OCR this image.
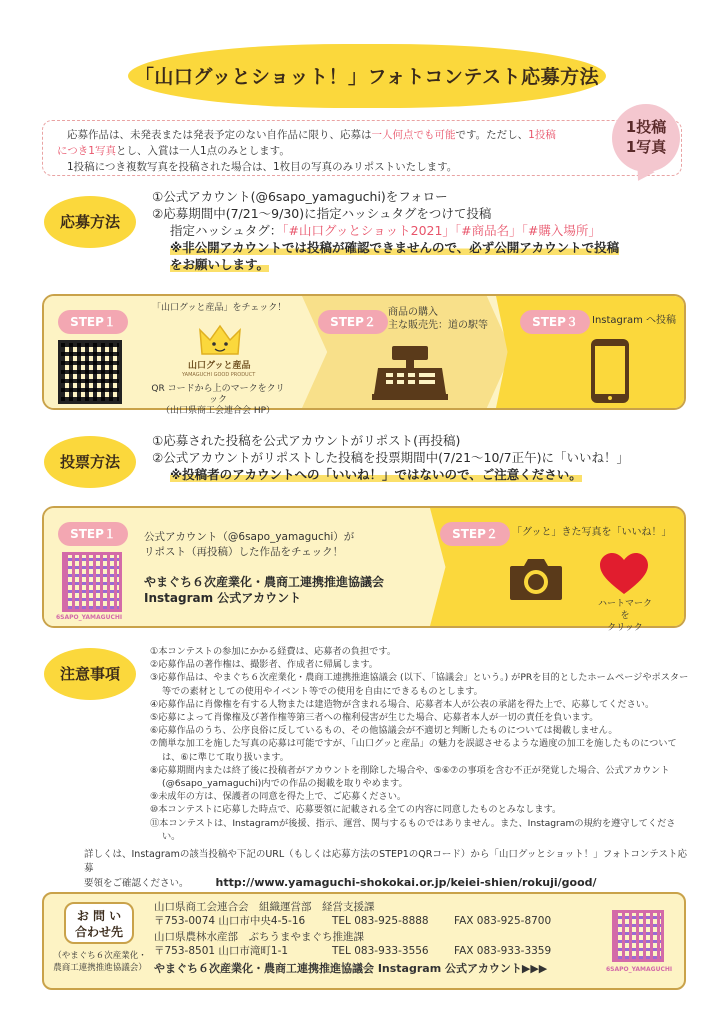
「山口グッとショット！」フォトコンテスト応募方法
応募作品は、未発表または発表予定のない自作品に限り、応募は一人何点でも可能です。ただし、1投稿
につき1写真とし、入賞は一人1点のみとします。
1投稿につき複数写真を投稿された場合は、1枚目の写真のみリポストいたします。
1投稿
1写真
応募方法
①公式アカウント(@6sapo_yamaguchi)をフォロー
②応募期間中(7/21～9/30)に指定ハッシュタグをつけて投稿
指定ハッシュタグ：「#山口グッとショット2021」「#商品名」「#購入場所」
※非公開アカウントでは投稿が確認できませんので、必ず公開アカウントで投稿
をお願いします。
STEP１
「山口グッと産品」をチェック！
山口グッと産品
YAMAGUCHI GOOD PRODUCT
QR コードから上のマークをクリック
（山口県商工会連合会 HP）
STEP２
商品の購入
主な販売先：道の駅等	STEP３	Instagram へ投稿
投票方法
①応募された投稿を公式アカウントがリポスト(再投稿)
②公式アカウントがリポストした投稿を投票期間中(7/21～10/7正午)に「いいね！」
※投稿者のアカウントへの「いいね！」ではないので、ご注意ください。
STEP１
6SAPO_YAMAGUCHI
公式アカウント（@6sapo_yamaguchi）が
リポスト（再投稿）した作品をチェック！
やまぐち６次産業化・農商工連携推進協議会
Instagram 公式アカウント
STEP２	「グッと」きた写真を「いいね！」
ハートマークを
クリック
注意事項

①本コンテストの参加にかかる経費は、応募者の負担です。

②応募作品の著作権は、撮影者、作成者に帰属します。

③応募作品は、やまぐち６次産業化・農商工連携推進協議会 (以下、「協議会」という。) がPRを目的としたホームページやポスター等での素材としての使用やイベント等での使用を自由にできるものとします。

④応募作品に肖像権を有する人物または建造物が含まれる場合、応募者本人が公表の承諾を得た上で、応募してください。

⑤応募によって肖像権及び著作権等第三者への権利侵害が生じた場合、応募者本人が一切の責任を負います。

⑥応募作品のうち、公序良俗に反しているもの、その他協議会が不適切と判断したものについては掲載しません。

⑦簡単な加工を施した写真の応募は可能ですが、「山口グッと産品」の魅力を誤認させるような過度の加工を施したものについては、⑥に準じて取り扱います。

⑧応募期間内または終了後に投稿者がアカウントを削除した場合や、⑤⑥⑦の事項を含む不正が発覚した場合、公式アカウント(@6sapo_yamaguchi)内での作品の掲載を取りやめます。

⑨未成年の方は、保護者の同意を得た上で、ご応募ください。

⑩本コンテストに応募した時点で、応募要領に記載される全ての内容に同意したものとみなします。

⑪本コンテストは、Instagramが後援、指示、運営、関与するものではありません。また、Instagramの規約を遵守してください。

詳しくは、Instagramの該当投稿や下記のURL（もしくは応募方法のSTEP1のQRコード）から「山口グッとショット！」フォトコンテスト応募
要領をご確認ください。 http://www.yamaguchi-shokokai.or.jp/keiei-shien/rokuji/good/
お 問 い
合わせ先
（やまぐち６次産業化・
農商工連携推進協議会）
山口県商工会連合会　組織運営部　経営支援課
〒753-0074 山口市中央4-5-16	TEL 083-925-8888 FAX 083-925-8700
山口県農林水産部　ぶちうまやまぐち推進課
〒753-8501 山口市滝町1-1	TEL 083-933-3556 FAX 083-933-3359
やまぐち６次産業化・農商工連携推進協議会 Instagram 公式アカウント▶▶▶	6SAPO_YAMAGUCHI
